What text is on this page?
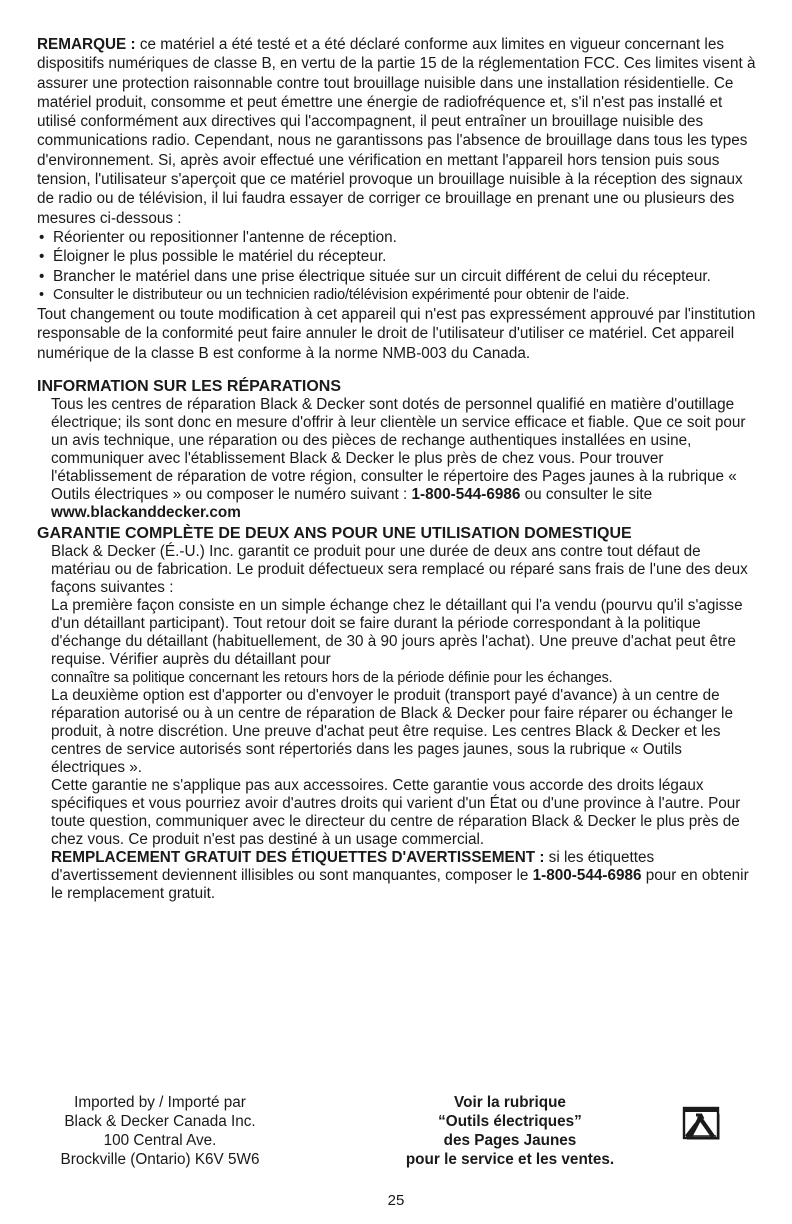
REMARQUE : ce matériel a été testé et a été déclaré conforme aux limites en vigueur concernant les dispositifs numériques de classe B, en vertu de la partie 15 de la réglementation FCC. Ces limites visent à assurer une protection raisonnable contre tout brouillage nuisible dans une installation résidentielle. Ce matériel produit, consomme et peut émettre une énergie de radiofréquence et, s'il n'est pas installé et utilisé conformément aux directives qui l'accompagnent, il peut entraîner un brouillage nuisible des communications radio. Cependant, nous ne garantissons pas l'absence de brouillage dans tous les types d'environnement. Si, après avoir effectué une vérification en mettant l'appareil hors tension puis sous tension, l'utilisateur s'aperçoit que ce matériel provoque un brouillage nuisible à la réception des signaux de radio ou de télévision, il lui faudra essayer de corriger ce brouillage en prenant une ou plusieurs des mesures ci-dessous :

• Réorienter ou repositionner l'antenne de réception.
• Éloigner le plus possible le matériel du récepteur.
• Brancher le matériel dans une prise électrique située sur un circuit différent de celui du récepteur.
• Consulter le distributeur ou un technicien radio/télévision expérimenté pour obtenir de l'aide.

Tout changement ou toute modification à cet appareil qui n'est pas expressément approuvé par l'institution responsable de la conformité peut faire annuler le droit de l'utilisateur d'utiliser ce matériel. Cet appareil numérique de la classe B est conforme à la norme NMB-003 du Canada.

INFORMATION SUR LES RÉPARATIONS

Tous les centres de réparation Black & Decker sont dotés de personnel qualifié en matière d'outillage électrique; ils sont donc en mesure d'offrir à leur clientèle un service efficace et fiable. Que ce soit pour un avis technique, une réparation ou des pièces de rechange authentiques installées en usine, communiquer avec l'établissement Black & Decker le plus près de chez vous. Pour trouver l'établissement de réparation de votre région, consulter le répertoire des Pages jaunes à la rubrique « Outils électriques » ou composer le numéro suivant : 1-800-544-6986 ou consulter le site
www.blackanddecker.com

GARANTIE COMPLÈTE DE DEUX ANS POUR UNE UTILISATION DOMESTIQUE

Black & Decker (É.-U.) Inc. garantit ce produit pour une durée de deux ans contre tout défaut de matériau ou de fabrication. Le produit défectueux sera remplacé ou réparé sans frais de l'une des deux façons suivantes :

La première façon consiste en un simple échange chez le détaillant qui l'a vendu (pourvu qu'il s'agisse d'un détaillant participant). Tout retour doit se faire durant la période correspondant à la politique d'échange du détaillant (habituellement, de 30 à 90 jours après l'achat). Une preuve d'achat peut être requise. Vérifier auprès du détaillant pour

connaître sa politique concernant les retours hors de la période définie pour les échanges.

La deuxième option est d'apporter ou d'envoyer le produit (transport payé d'avance) à un centre de réparation autorisé ou à un centre de réparation de Black & Decker pour faire réparer ou échanger le produit, à notre discrétion. Une preuve d'achat peut être requise. Les centres Black & Decker et les centres de service autorisés sont répertoriés dans les pages jaunes, sous la rubrique « Outils électriques ».

Cette garantie ne s'applique pas aux accessoires. Cette garantie vous accorde des droits légaux spécifiques et vous pourriez avoir d'autres droits qui varient d'un État ou d'une province à l'autre. Pour toute question, communiquer avec le directeur du centre de réparation Black & Decker le plus près de chez vous. Ce produit n'est pas destiné à un usage commercial.

REMPLACEMENT GRATUIT DES ÉTIQUETTES D'AVERTISSEMENT : si les étiquettes d'avertissement deviennent illisibles ou sont manquantes, composer le 1-800-544-6986 pour en obtenir le remplacement gratuit.

Imported by / Importé par
Black & Decker Canada Inc.
100 Central Ave.
Brockville (Ontario) K6V 5W6
Voir la rubrique
“Outils électriques”
des Pages Jaunes
pour le service et les ventes.
25
